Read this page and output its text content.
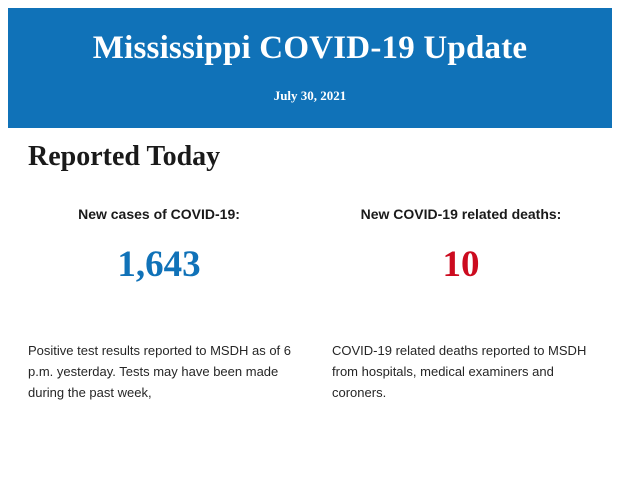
Mississippi COVID-19 Update

July 30, 2021

Reported Today

New cases of COVID-19:

1,643

New COVID-19 related deaths:

10

Positive test results reported to MSDH as of 6 p.m. yesterday. Tests may have been made during the past week,

COVID-19 related deaths reported to MSDH from hospitals, medical examiners and coroners.
